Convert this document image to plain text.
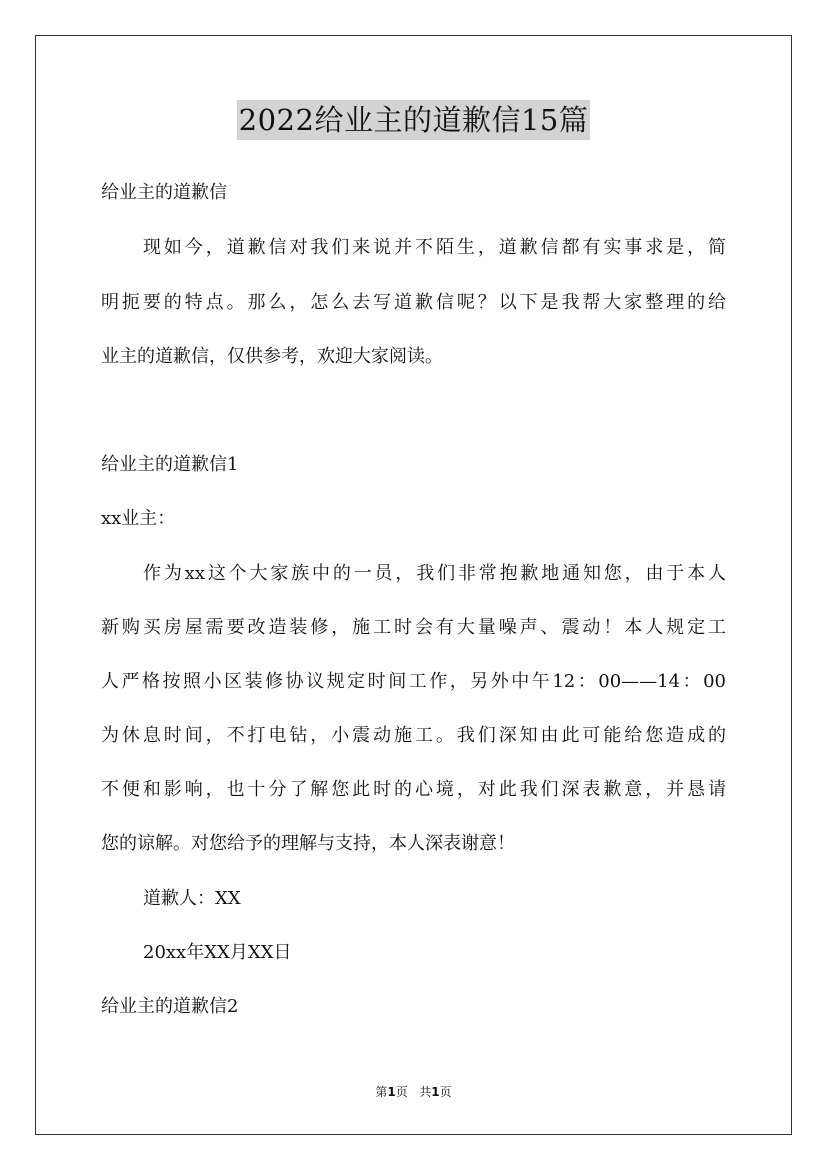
2022给业主的道歉信15篇
给业主的道歉信
现如今，道歉信对我们来说并不陌生，道歉信都有实事求是，简
明扼要的特点。那么，怎么去写道歉信呢？以下是我帮大家整理的给
业主的道歉信，仅供参考，欢迎大家阅读。
给业主的道歉信1
xx业主：
作为xx这个大家族中的一员，我们非常抱歉地通知您，由于本人
新购买房屋需要改造装修，施工时会有大量噪声、震动！本人规定工
人严格按照小区装修协议规定时间工作，另外中午12：00——14：00
为休息时间，不打电钻，小震动施工。我们深知由此可能给您造成的
不便和影响，也十分了解您此时的心境，对此我们深表歉意，并恳请
您的谅解。对您给予的理解与支持，本人深表谢意！
道歉人：XX
20xx年XX月XX日
给业主的道歉信2
第1页   共1页
